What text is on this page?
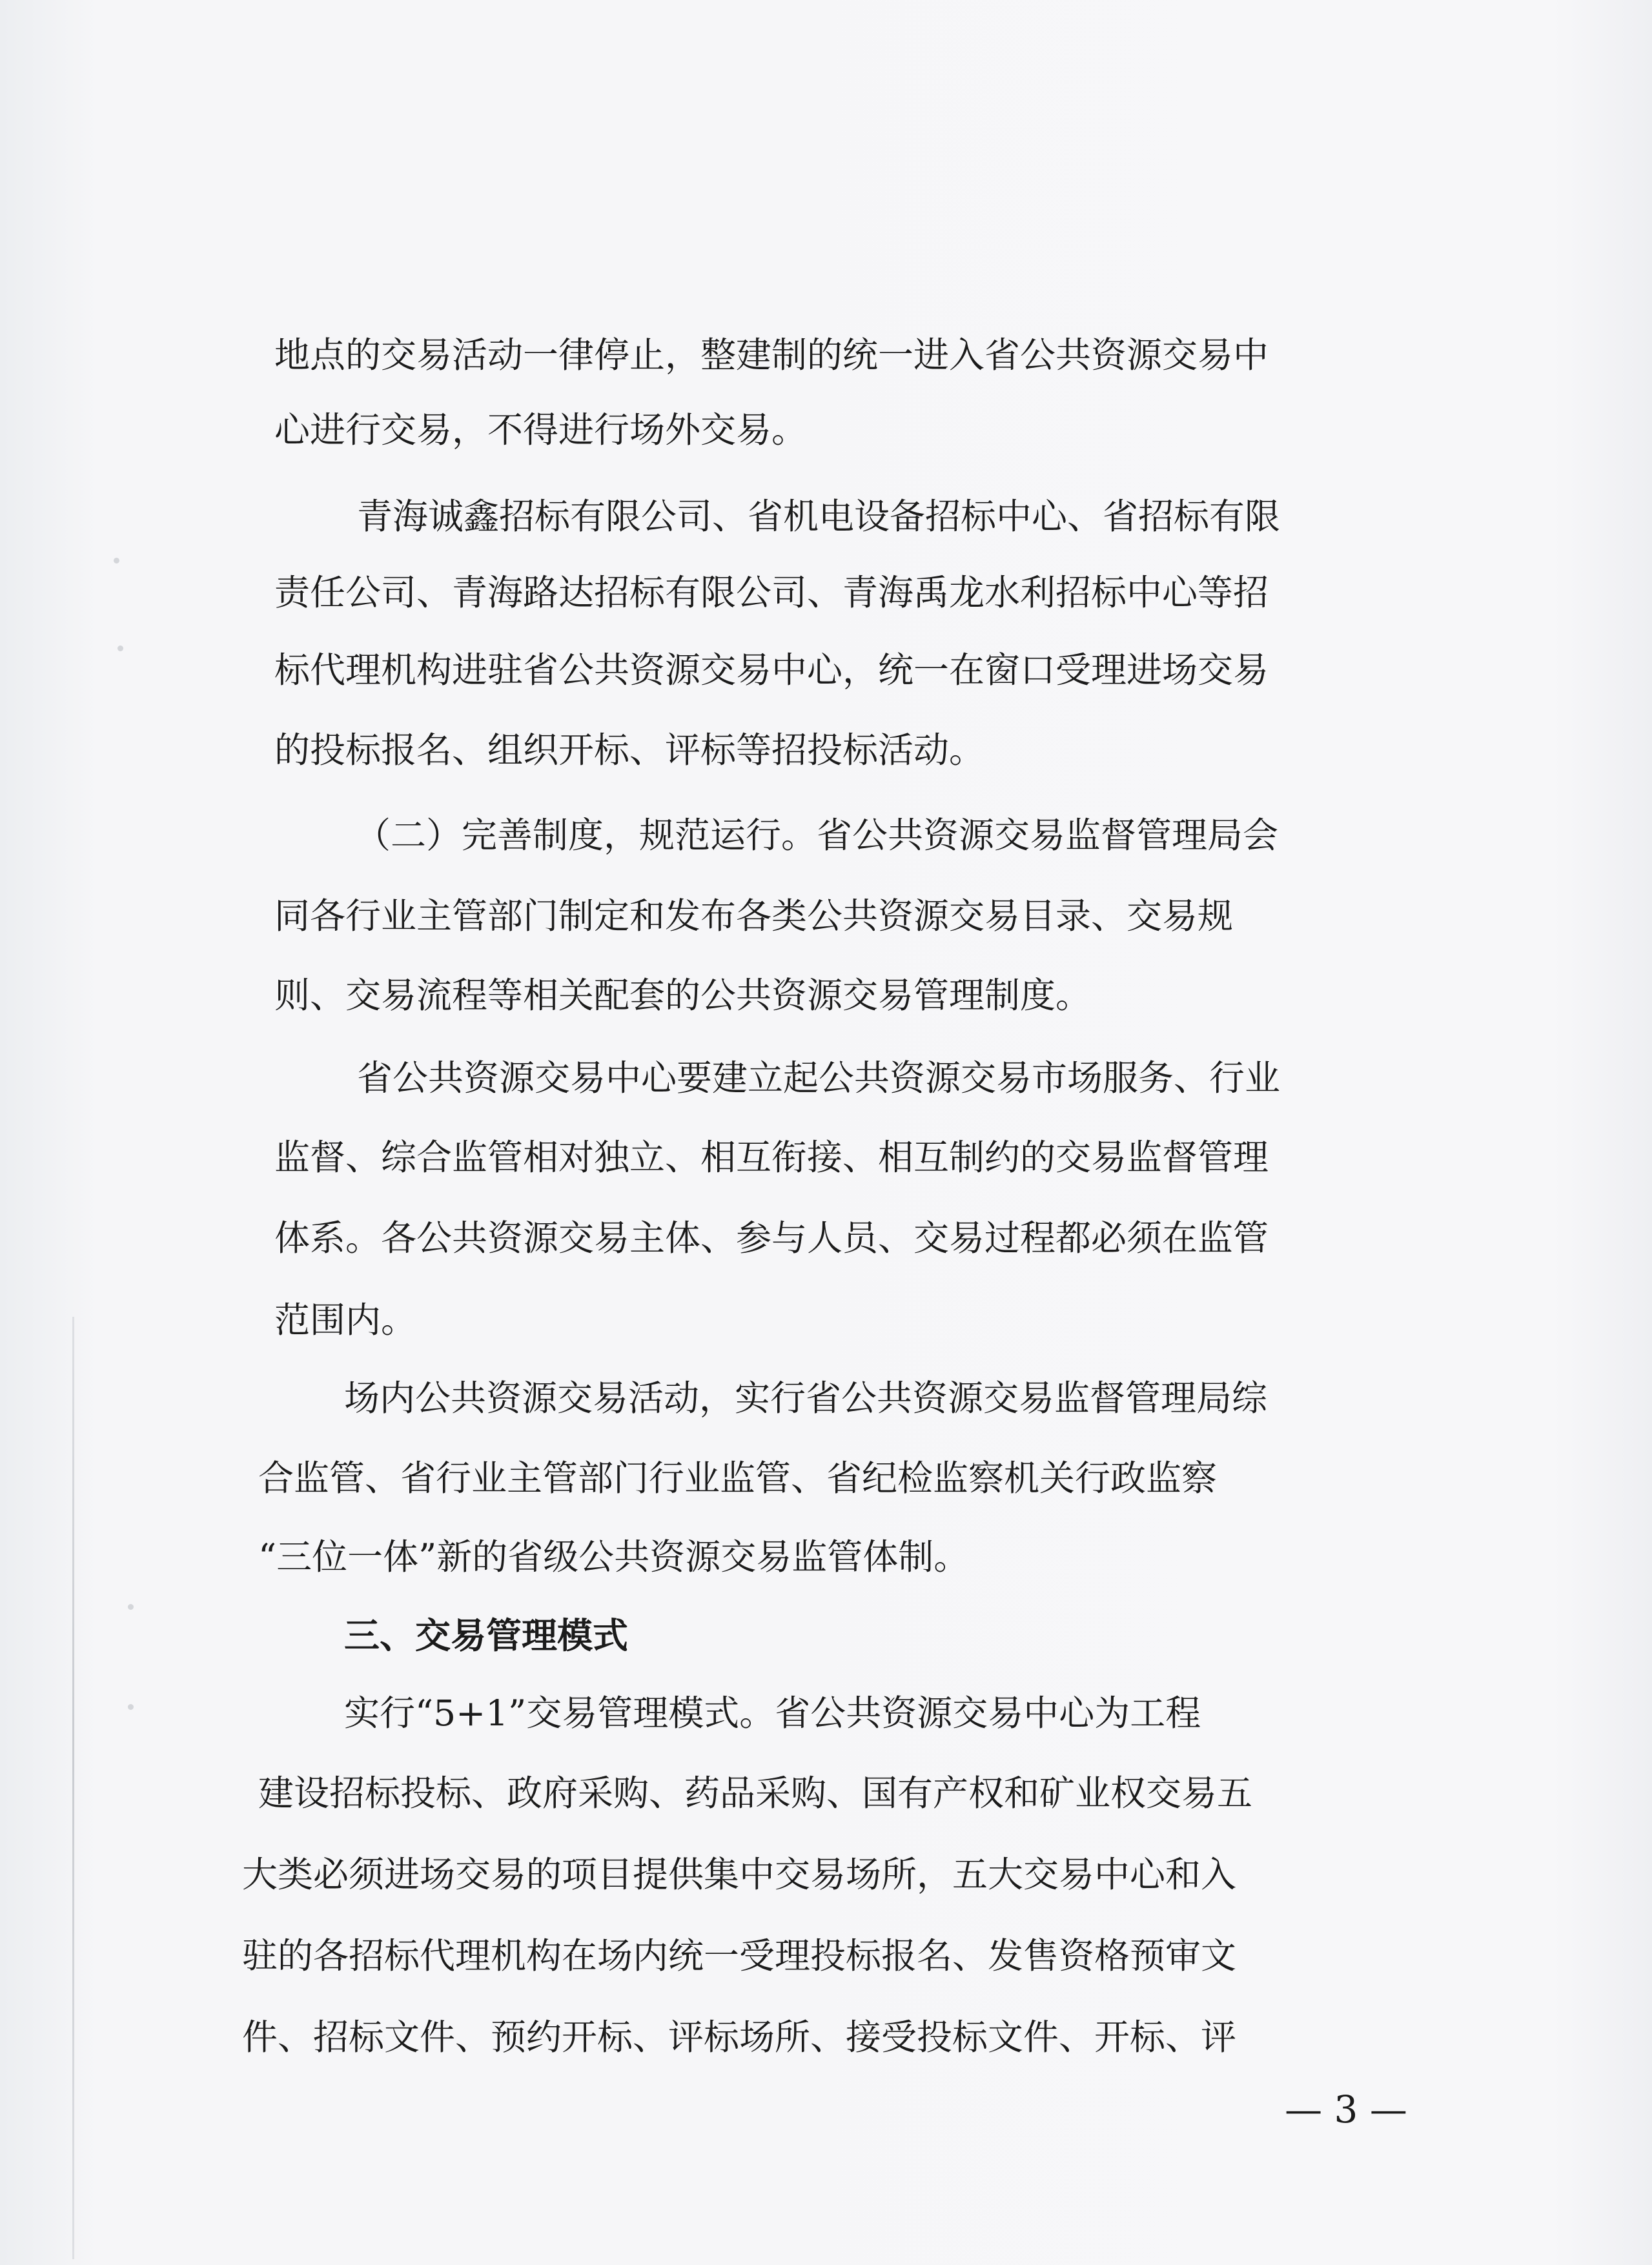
地点的交易活动一律停止，整建制的统一进入省公共资源交易中
心进行交易，不得进行场外交易。
青海诚鑫招标有限公司、省机电设备招标中心、省招标有限
责任公司、青海路达招标有限公司、青海禹龙水利招标中心等招
标代理机构进驻省公共资源交易中心，统一在窗口受理进场交易
的投标报名、组织开标、评标等招投标活动。
（二）完善制度，规范运行。省公共资源交易监督管理局会
同各行业主管部门制定和发布各类公共资源交易目录、交易规
则、交易流程等相关配套的公共资源交易管理制度。
省公共资源交易中心要建立起公共资源交易市场服务、行业
监督、综合监管相对独立、相互衔接、相互制约的交易监督管理
体系。各公共资源交易主体、参与人员、交易过程都必须在监管
范围内。
场内公共资源交易活动，实行省公共资源交易监督管理局综
合监管、省行业主管部门行业监管、省纪检监察机关行政监察
“三位一体”新的省级公共资源交易监管体制。
三、交易管理模式
实行“5+1”交易管理模式。省公共资源交易中心为工程
建设招标投标、政府采购、药品采购、国有产权和矿业权交易五
大类必须进场交易的项目提供集中交易场所，五大交易中心和入
驻的各招标代理机构在场内统一受理投标报名、发售资格预审文
件、招标文件、预约开标、评标场所、接受投标文件、开标、评
— 3 —
